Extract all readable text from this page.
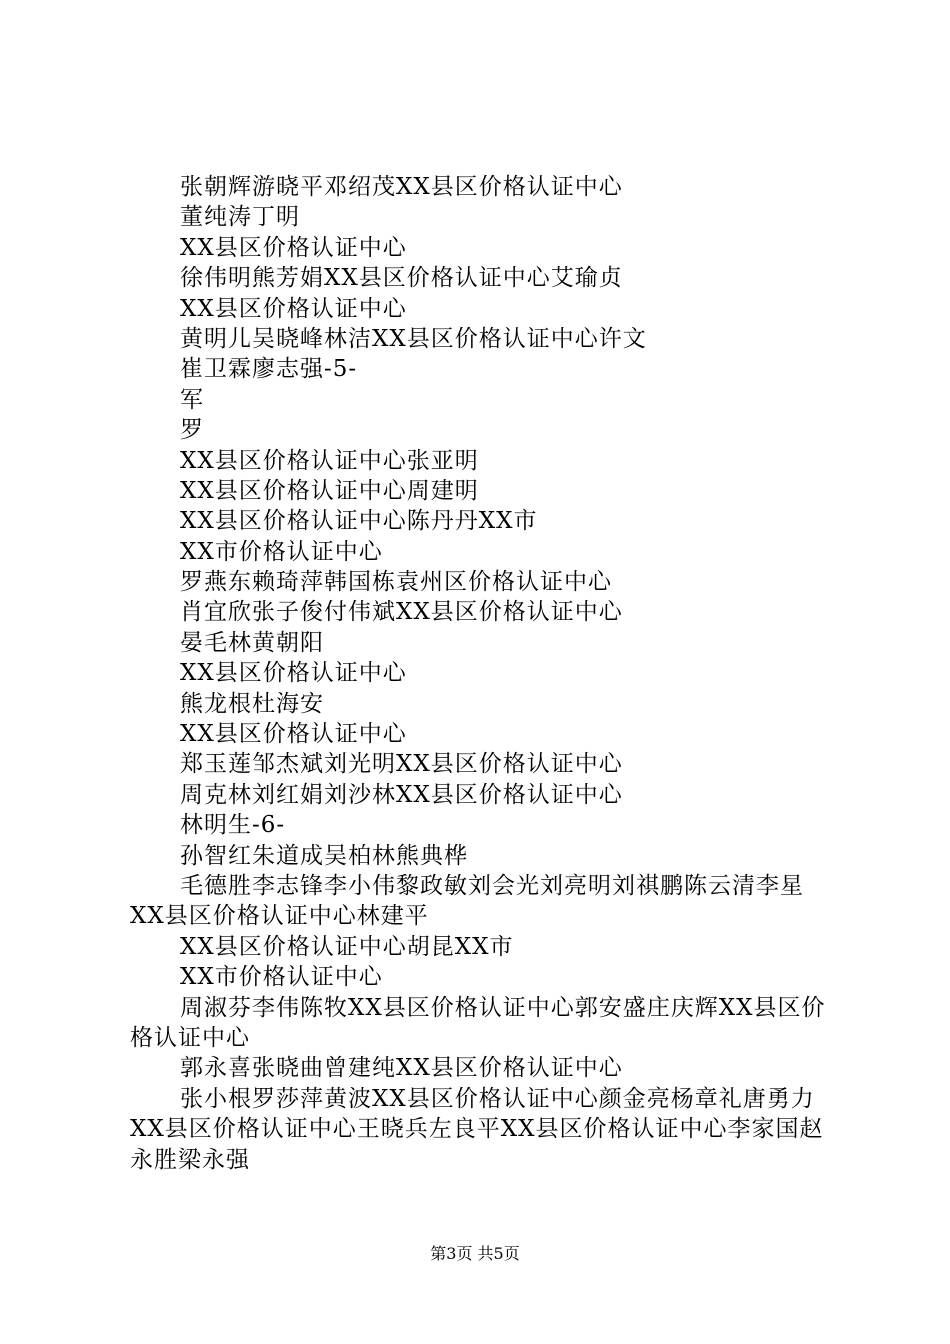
张朝辉游晓平邓绍茂XX县区价格认证中心
董纯涛丁明
XX县区价格认证中心
徐伟明熊芳娟XX县区价格认证中心艾瑜贞
XX县区价格认证中心
黄明儿吴晓峰林洁XX县区价格认证中心许文
崔卫霖廖志强-5-
军
罗
XX县区价格认证中心张亚明
XX县区价格认证中心周建明
XX县区价格认证中心陈丹丹XX市
XX市价格认证中心
罗燕东赖琦萍韩国栋袁州区价格认证中心
肖宜欣张子俊付伟斌XX县区价格认证中心
晏毛林黄朝阳
XX县区价格认证中心
熊龙根杜海安
XX县区价格认证中心
郑玉莲邹杰斌刘光明XX县区价格认证中心
周克林刘红娟刘沙林XX县区价格认证中心
林明生-6-
孙智红朱道成吴柏林熊典桦
毛德胜李志锋李小伟黎政敏刘会光刘亮明刘祺鹏陈云清李星XX县区价格认证中心林建平
XX县区价格认证中心胡昆XX市
XX市价格认证中心
周淑芬李伟陈牧XX县区价格认证中心郭安盛庄庆辉XX县区价格认证中心
郭永喜张晓曲曾建纯XX县区价格认证中心
张小根罗莎萍黄波XX县区价格认证中心颜金亮杨章礼唐勇力XX县区价格认证中心王晓兵左良平XX县区价格认证中心李家国赵永胜梁永强
第3页 共5页
